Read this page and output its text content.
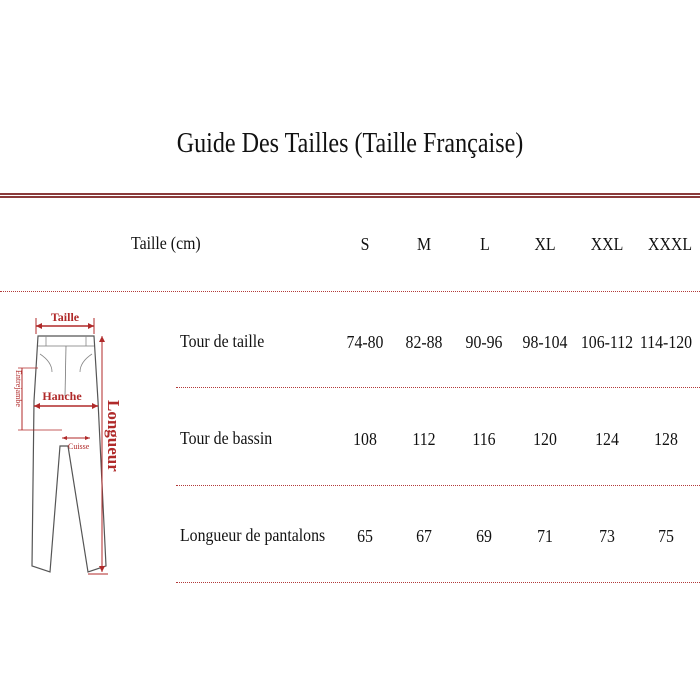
Guide Des Tailles (Taille Française)
Taille (cm)	S	M	L	XL	XXL	XXXL
Tour de taille	74-80	82-88	90-96	98-104 106-112 114-120
Tour de bassin	108	112	116	120	124	128
Longueur de pantalons	65	67	69	71	73	75
Taille
Entrejambe Hanche
Cuisse Longueur
